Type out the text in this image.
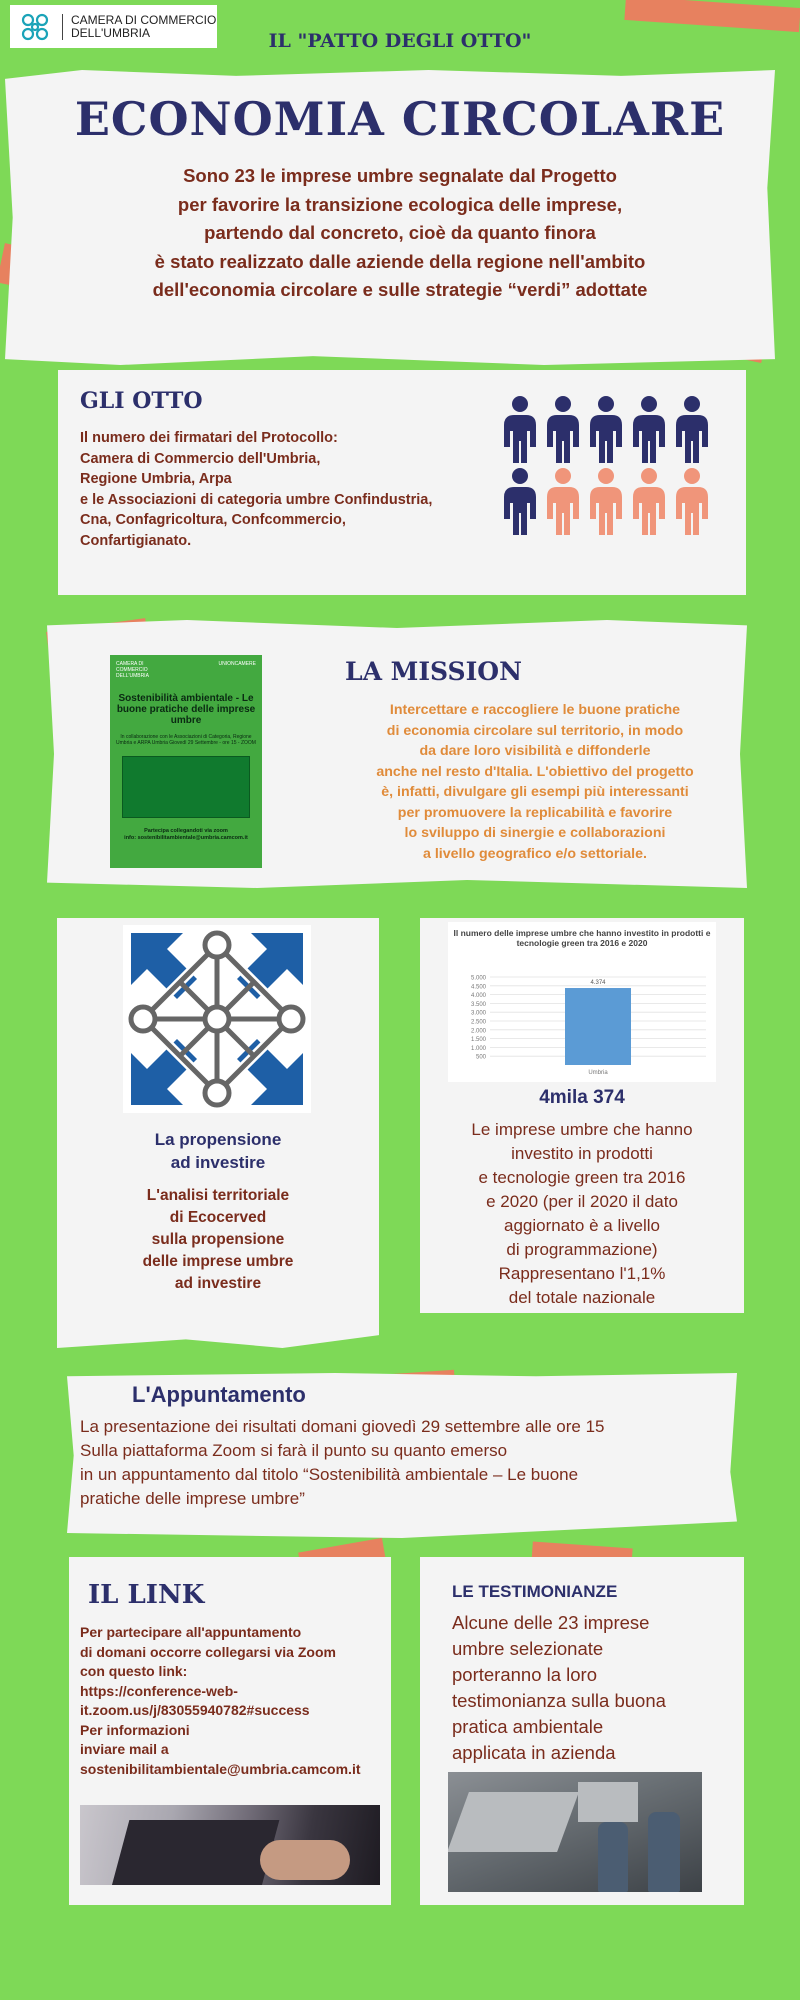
CAMERA DI COMMERCIO
DELL'UMBRIA	IL "PATTO DEGLI OTTO"
ECONOMIA CIRCOLARE
Sono 23 le imprese umbre segnalate dal Progetto
per favorire la transizione ecologica delle imprese,
partendo dal concreto, cioè da quanto finora
è stato realizzato dalle aziende della regione nell'ambito
dell'economia circolare e sulle strategie “verdi” adottate
GLI OTTO
Il numero dei firmatari del Protocollo:
Camera di Commercio dell'Umbria,
Regione Umbria, Arpa
e le Associazioni di categoria umbre Confindustria,
Cna, Confagricoltura, Confcommercio,
Confartigianato.
CAMERA DI COMMERCIO DELL'UMBRIA
UNIONCAMERE
Sostenibilità ambientale - Le buone pratiche delle imprese umbre
In collaborazione con le Associazioni di Categoria, Regione Umbria e ARPA Umbria Giovedì 29 Settembre - ore 15 - ZOOM
Partecipa collegandoti via zoom
info: sostenibilitambientale@umbria.camcom.it
LA MISSION
Intercettare e raccogliere le buone pratiche
di economia circolare sul territorio, in modo
da dare loro visibilità e diffonderle
anche nel resto d'Italia. L'obiettivo del progetto
è, infatti, divulgare gli esempi più interessanti
per promuovere la replicabilità e favorire
lo sviluppo di sinergie e collaborazioni
a livello geografico e/o settoriale.
La propensione
ad investire
L'analisi territoriale
di Ecocerved
sulla propensione
delle imprese umbre
ad investire
500
1.000
1.500
2.000
2.500
3.000
3.500
4.000
4.500
5.000
4.374
Umbria
Il numero delle imprese umbre che hanno investito in prodotti e tecnologie green tra 2016 e 2020
4mila 374
Le imprese umbre che hanno
investito in prodotti
e tecnologie green tra 2016
e 2020 (per il 2020 il dato
aggiornato è a livello
di programmazione)
Rappresentano l'1,1%
del totale nazionale
L'Appuntamento
La presentazione dei risultati domani giovedì 29 settembre alle ore 15
Sulla piattaforma Zoom si farà il punto su quanto emerso
in un appuntamento dal titolo “Sostenibilità ambientale – Le buone
pratiche delle imprese umbre”
IL LINK
Per partecipare all'appuntamento
di domani occorre collegarsi via Zoom
con questo link:
https://conference-web-it.zoom.us/j/83055940782#success
Per informazioni
inviare mail a
sostenibilitambientale@umbria.camcom.it
LE TESTIMONIANZE
Alcune delle 23 imprese
umbre selezionate
porteranno la loro
testimonianza sulla buona
pratica ambientale
applicata in azienda
